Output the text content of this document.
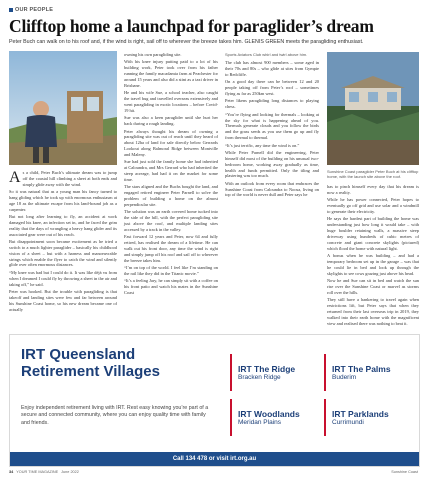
OUR PEOPLE
Clifftop home a launchpad for paraglider’s dream

Peter Buch can walk on to his roof and, if the wind is right, sail off to wherever the breeze takes him. GLENIS GREEN meets the paragliding enthusiast.

As a child, Peter Buch’s ultimate dream was to jump off the coastal hill climbing a sheet at both ends and simply glide away with the wind.

So it was natural that as a young man his fancy turned to hang gliding which he took up with enormous enthusiasm at age 18 as the ultimate escape from his land-bound job as a carpenter.

But not long after learning to fly, an accident at work damaged his knee, an infection set in, and he faced the grim reality that the days of wrangling a heavy hang glider and its associated gear were out of his reach.

But disappointment soon became excitement as he tried a switch to a much lighter paraglider – basically his childhood vision of a sheet – but with a harness and manoeuvrable strings which enable the flyer to catch the wind and silently glide over often enormous distances.

“My knee was bad but I could do it. It was like déjà vu from when I dreamed I could fly by throwing a sheet in the air and taking off,” he said.

Peter was hooked. But the trouble with paragliding is that takeoff and landing sites were few and far between around his Sunshine Coast home, so his new dream became one of actually

owning his own paragliding site.

With his knee injury putting paid to a lot of his building work, Peter took over from his father running the family macadamia farm at Peachester for around 15 years and also did a stint as a taxi driver in Brisbane.

He and his wife Sue, a school teacher, also caught the travel bug and travelled overseas extensively and went paragliding in exotic locations – before Covid-19 hit.

Sue was also a keen paraglider until she hurt her back during a rough landing.

Peter always thought his dream of owning a paragliding site was out of reach until they heard of about 12ha of land for sale directly below Gerrards Lookout along Balmoral Ridge between Montville and Maleny.

Sue had just sold the family home she had inherited at Caloundra, and Mrs Gerrard who had inherited the steep acreage, had had it on the market for some time.

The stars aligned and the Buchs bought the land, and engaged retired engineer Peter Parnell to solve the problem of building a home on the almost perpendicular site.

The solution was an earth covered home tucked into the side of the hill, with the perfect paragliding site just above the roof, and multiple landing sites accessed by a track in the valley.

Fast forward 12 years and Peter, now 64 and fully retired, has realised the dream of a lifetime. He can walk out his front door, any time the wind is right and simply jump off his roof and sail off to wherever the breeze takes him.

“I’m on top of the world. I feel like I’m standing on the rail like they did in the Titanic movie.”

“It’s a feeling Jary, he can simply sit with a coffee on his front patio and watch his mates in the Sunshine Coast

Sports Aviators Club whirl and twirl above him.

The club has almost 900 members – some aged in their 70s and 80s – who glide at sites from Gympie to Redcliffe.

On a good day there can be between 12 and 20 people taking off from Peter’s roof – sometimes flying as far as 250km west.

Peter likens paragliding long distances to playing chess.

“You’re flying and looking for thermals – looking at the sky for what is happening ahead of you. Thermals generate clouds and you follow the birds and the grass seeds as you use them go up and fly from thermal to thermal.

“It’s just terrific, any time the wind is on.”

While Peter Parnell did the engineering, Peter himself did most of the building on his unusual two-bedroom home, working away gradually as time, health and funds permitted. Only the tiling and plastering was too much.

With an outlook from every room that embraces the Sunshine Coast from Caloundra to Noosa, living on top of the world is never dull and Peter says he

Sunshine Coast paraglider Peter Buch at his clifftop home, with the launch site above the roof.

has to pinch himself every day that his dream is now a reality.

While he has power connected, Peter hopes to eventually go off grid and use solar and a windmill to generate their electricity.

He says the hardest part of building the home was understanding just how long it would take – with huge boulder retaining walls, a massive steep driveway using hundreds of cubic metres of concrete and giant concrete skylights (pictured) which flood the home with natural light.

A bonus when he was building – and had a temporary bedroom set up in the garage – was that he could lie in bed and look up through the skylights to see cows grazing just above his head.

Now he and Sue can sit in bed and watch the sun rise over the Sunshine Coast or marvel as storms roll over the hills.

They still have a hankering to travel again when restrictions lift, but Peter says that when they returned from their last overseas trip in 2019, they walked into their earth home with the magnificent view and realised there was nothing to beat it.

IRT Queensland
Retirement Villages
Enjoy independent retirement living with IRT. Rest easy knowing you’re part of a secure and connected community, where you can enjoy quality time with family and friends.
IRT The Ridge
Bracken Ridge
IRT The Palms
Buderim
IRT Woodlands
Meridan Plains
IRT Parklands
Currimundi
Call 134 478 or visit irt.org.au
34 YOUR TIME MAGAZINE June 2022	Sunshine Coast
